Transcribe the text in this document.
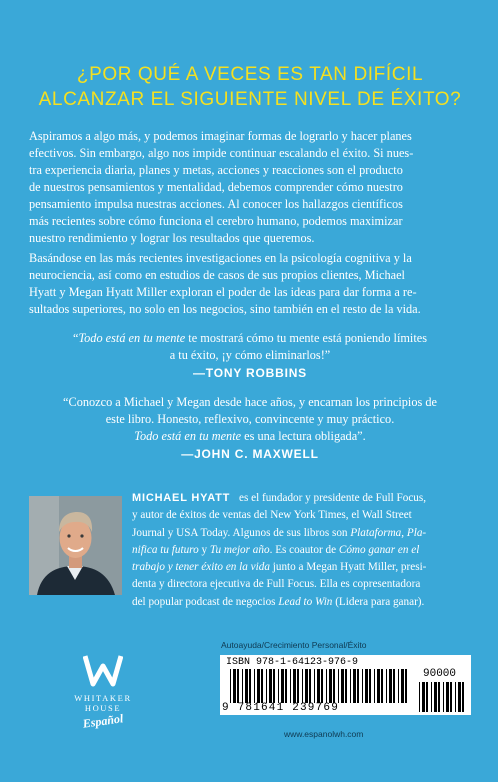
¿POR QUÉ A VECES ES TAN DIFÍCIL
ALCANZAR EL SIGUIENTE NIVEL DE ÉXITO?
Aspiramos a algo más, y podemos imaginar formas de lograrlo y hacer planes
efectivos. Sin embargo, algo nos impide continuar escalando el éxito. Si nues-
tra experiencia diaria, planes y metas, acciones y reacciones son el producto
de nuestros pensamientos y mentalidad, debemos comprender cómo nuestro
pensamiento impulsa nuestras acciones. Al conocer los hallazgos científicos
más recientes sobre cómo funciona el cerebro humano, podemos maximizar
nuestro rendimiento y lograr los resultados que queremos.
Basándose en las más recientes investigaciones en la psicología cognitiva y la
neurociencia, así como en estudios de casos de sus propios clientes, Michael
Hyatt y Megan Hyatt Miller exploran el poder de las ideas para dar forma a re-
sultados superiores, no solo en los negocios, sino también en el resto de la vida.
“Todo está en tu mente te mostrará cómo tu mente está poniendo límites
a tu éxito, ¡y cómo eliminarlos!”
—TONY ROBBINS
“Conozco a Michael y Megan desde hace años, y encarnan los principios de
este libro. Honesto, reflexivo, convincente y muy práctico.
Todo está en tu mente es una lectura obligada”.
—JOHN C. MAXWELL
MICHAEL HYATT es el fundador y presidente de Full Focus,
y autor de éxitos de ventas del New York Times, el Wall Street
Journal y USA Today. Algunos de sus libros son Plataforma, Pla-
nifica tu futuro y Tu mejor año. Es coautor de Cómo ganar en el
trabajo y tener éxito en la vida junto a Megan Hyatt Miller, presi-
denta y directora ejecutiva de Full Focus. Ella es copresentadora
del popular podcast de negocios Lead to Win (Lidera para ganar).
WHITAKER
HOUSE
Español
Autoayuda/Crecimiento Personal/Éxito
ISBN 978-1-64123-976-9
90000
9 781641 239769
www.espanolwh.com
